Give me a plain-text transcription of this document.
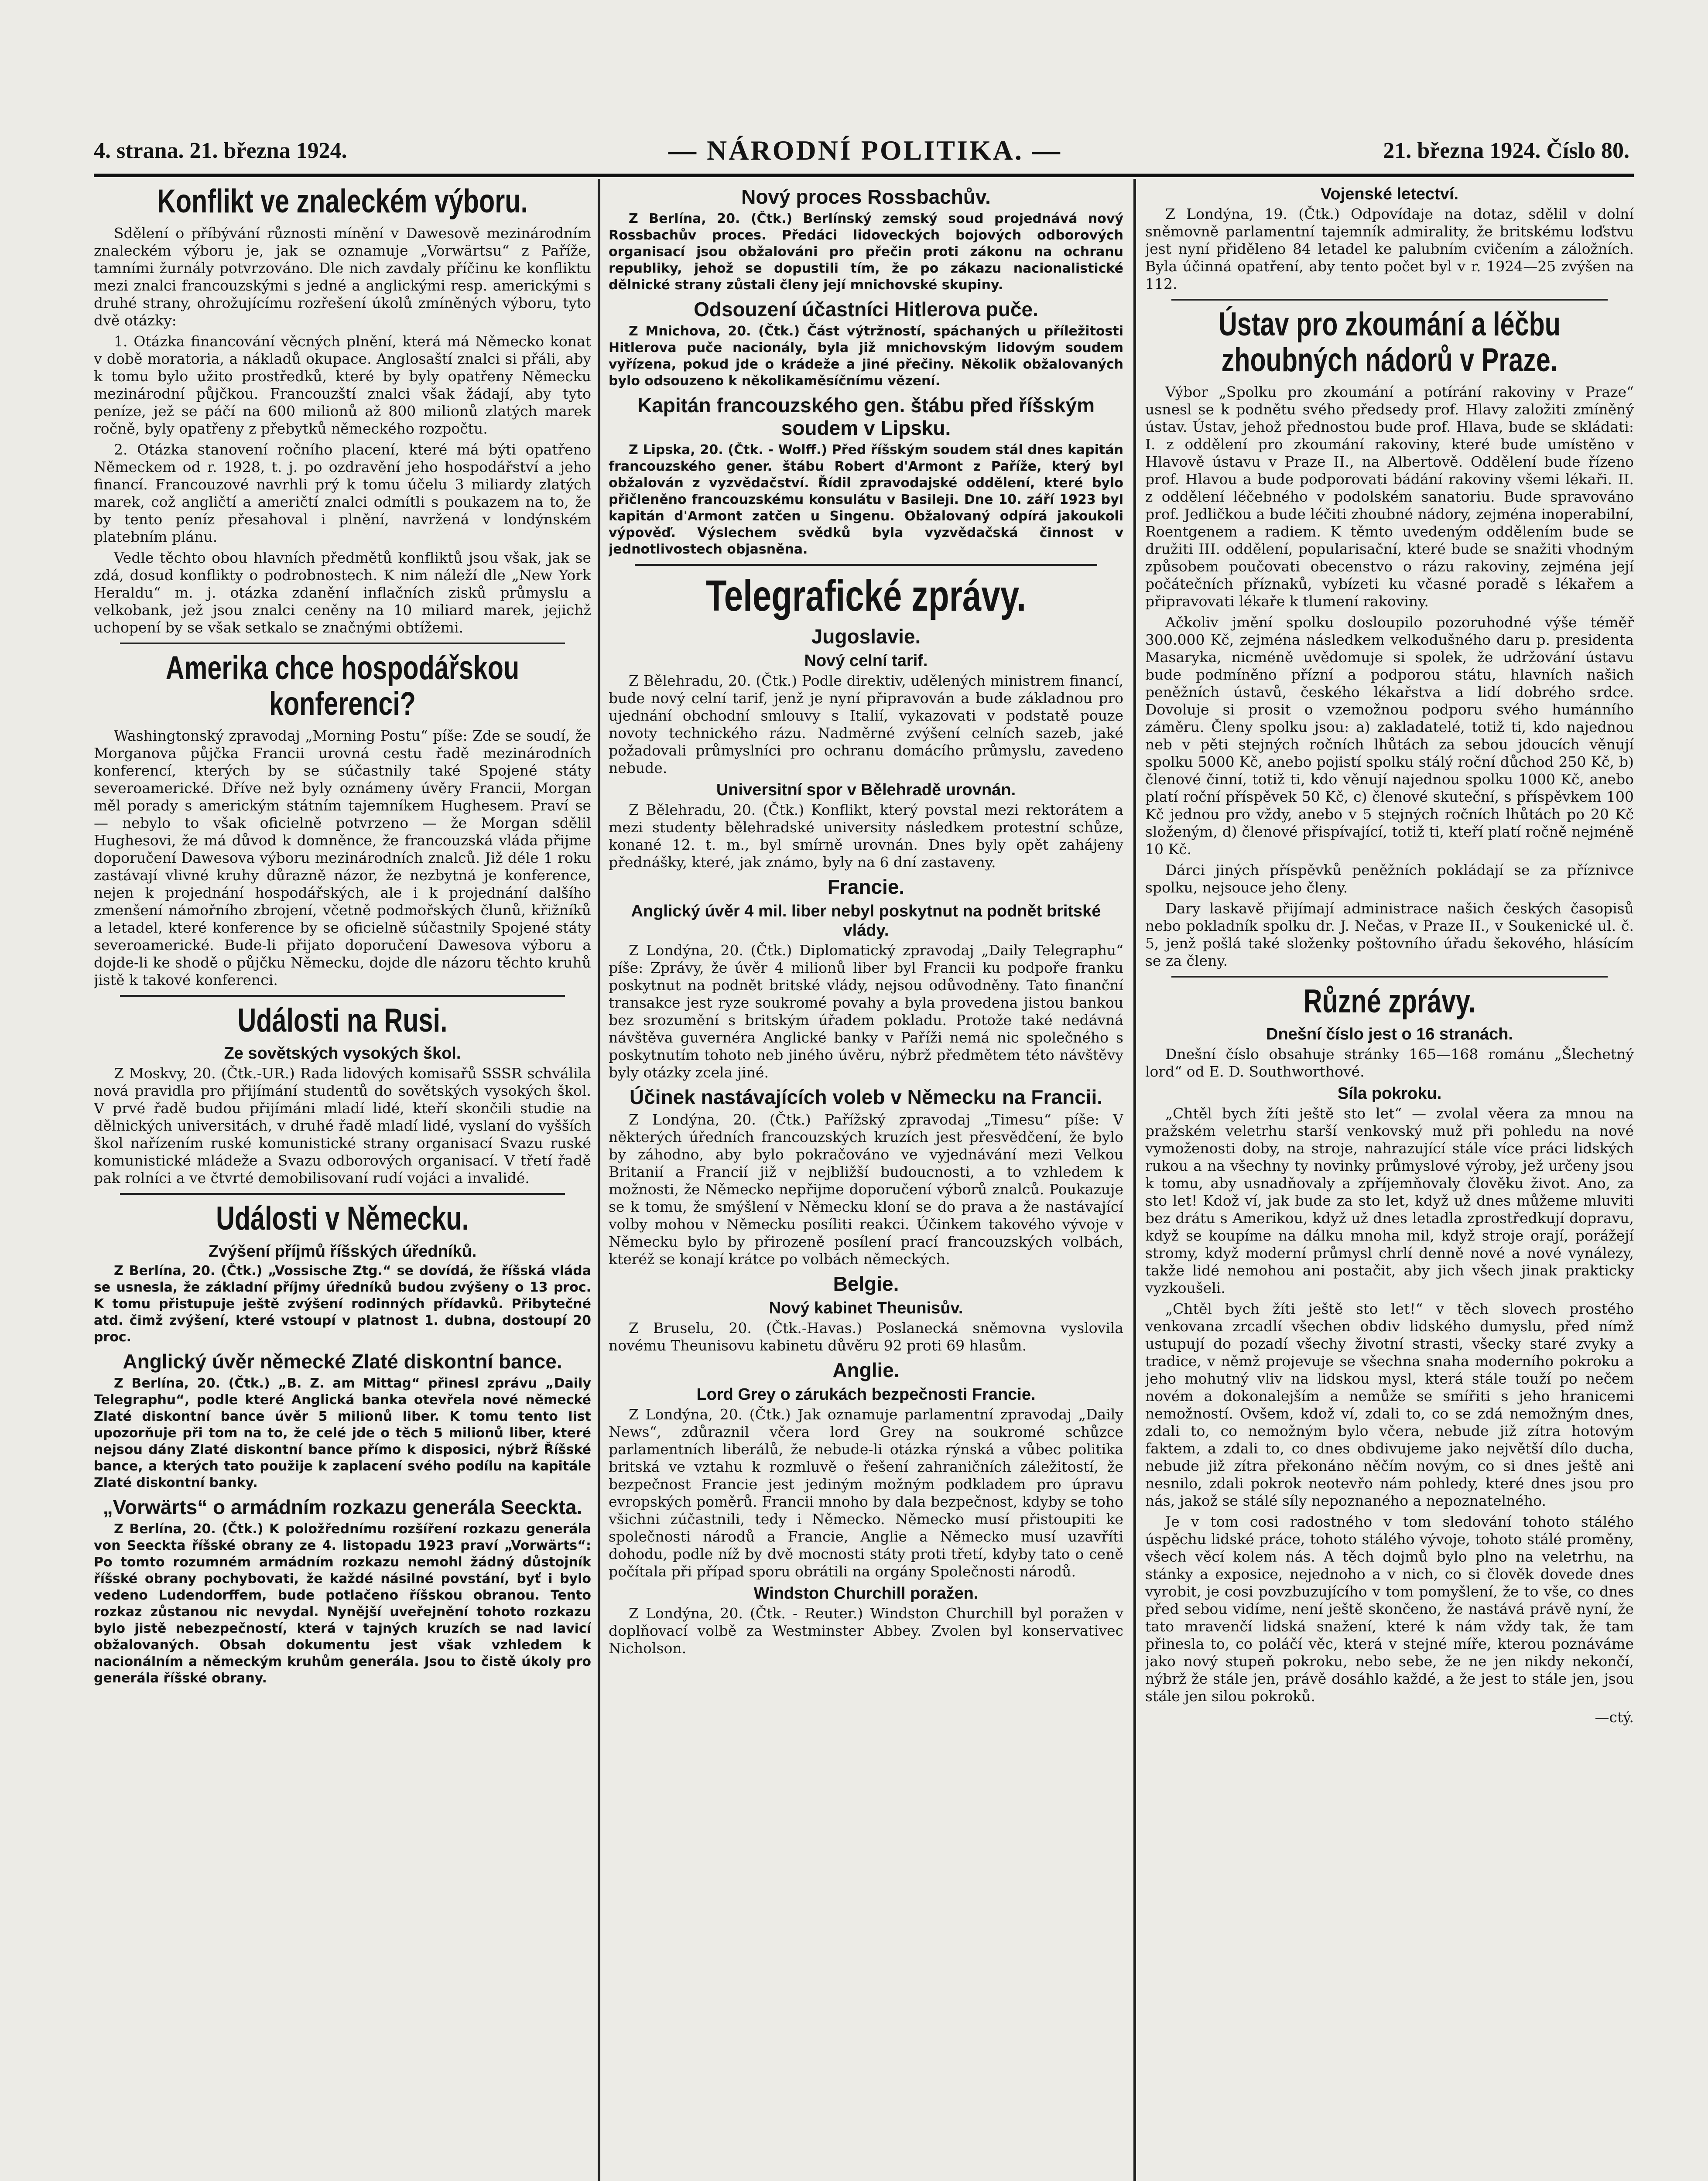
4. strana. 21. března 1924.	— NÁRODNÍ POLITIKA. —	21. března 1924. Číslo 80.
Konflikt ve znaleckém výboru.

Sdělení o příbývání různosti mínění v Dawesově mezinárodním znaleckém výboru je, jak se oznamuje „Vorwärtsu“ z Paříže, tamními žurnály potvrzováno. Dle nich zavdaly příčinu ke konfliktu mezi znalci francouzskými s jedné a anglickými resp. americkými s druhé strany, ohrožujícímu rozřešení úkolů zmíněných výboru, tyto dvě otázky:

1. Otázka financování věcných plnění, která má Německo konat v době moratoria, a nákladů okupace. Anglosaští znalci si přáli, aby k tomu bylo užito prostředků, které by byly opatřeny Německu mezinárodní půjčkou. Francouzští znalci však žádají, aby tyto peníze, jež se páčí na 600 milionů až 800 milionů zlatých marek ročně, byly opatřeny z přebytků německého rozpočtu.

2. Otázka stanovení ročního placení, které má býti opatřeno Německem od r. 1928, t. j. po ozdravění jeho hospodářství a jeho financí. Francouzové navrhli prý k tomu účelu 3 miliardy zlatých marek, což angličtí a američtí znalci odmítli s poukazem na to, že by tento peníz přesahoval i plnění, navržená v londýnském platebním plánu.

Vedle těchto obou hlavních předmětů konfliktů jsou však, jak se zdá, dosud konflikty o podrobnostech. K nim náleží dle „New York Heraldu“ m. j. otázka zdanění inflačních zisků průmyslu a velkobank, jež jsou znalci ceněny na 10 miliard marek, jejichž uchopení by se však setkalo se značnými obtížemi.

Amerika chce hospodářskou konferenci?

Washingtonský zpravodaj „Morning Postu“ píše: Zde se soudí, že Morganova půjčka Francii urovná cestu řadě mezinárodních konferencí, kterých by se súčastnily také Spojené státy severoamerické. Dříve než byly oznámeny úvěry Francii, Morgan měl porady s americkým státním tajemníkem Hughesem. Praví se — nebylo to však oficielně potvrzeno — že Morgan sdělil Hughesovi, že má důvod k domněnce, že francouzská vláda přijme doporučení Dawesova výboru mezinárodních znalců. Již déle 1 roku zastávají vlivné kruhy důrazně názor, že nezbytná je konference, nejen k projednání hospodářských, ale i k projednání dalšího zmenšení námořního zbrojení, včetně podmořských člunů, křižníků a letadel, které konference by se oficielně súčastnily Spojené státy severoamerické. Bude-li přijato doporučení Dawesova výboru a dojde-li ke shodě o půjčku Německu, dojde dle názoru těchto kruhů jistě k takové konferenci.

Události na Rusi.
Ze sovětských vysokých škol.

Z Moskvy, 20. (Čtk.-UR.) Rada lidových komisařů SSSR schválila nová pravidla pro přijímání studentů do sovětských vysokých škol. V prvé řadě budou přijímáni mladí lidé, kteří skončili studie na dělnických universitách, v druhé řadě mladí lidé, vyslaní do vyšších škol nařízením ruské komunistické strany organisací Svazu ruské komunistické mládeže a Svazu odborových organisací. V třetí řadě pak rolníci a ve čtvrté demobilisovaní rudí vojáci a invalidé.

Události v Německu.
Zvýšení příjmů říšských úředníků.

Z Berlína, 20. (Čtk.) „Vossische Ztg.“ se dovídá, že říšská vláda se usnesla, že základní příjmy úředníků budou zvýšeny o 13 proc. K tomu přistupuje ještě zvýšení rodinných přídavků. Přibytečné atd. čimž zvýšení, které vstoupí v platnost 1. dubna, dostoupí 20 proc.

Anglický úvěr německé Zlaté diskontní bance.

Z Berlína, 20. (Čtk.) „B. Z. am Mittag“ přinesl zprávu „Daily Telegraphu“, podle které Anglická banka otevřela nové německé Zlaté diskontní bance úvěr 5 milionů liber. K tomu tento list upozorňuje při tom na to, že celé jde o těch 5 milionů liber, které nejsou dány Zlaté diskontní bance přímo k disposici, nýbrž Říšské bance, a kterých tato použije k zaplacení svého podílu na kapitále Zlaté diskontní banky.

„Vorwärts“ o armádním rozkazu generála Seeckta.

Z Berlína, 20. (Čtk.) K položřednímu rozšíření rozkazu generála von Seeckta říšské obrany ze 4. listopadu 1923 praví „Vorwärts“: Po tomto rozumném armádním rozkazu nemohl žádný důstojník říšské obrany pochybovati, že každé násilné povstání, byť i bylo vedeno Ludendorffem, bude potlačeno říšskou obranou. Tento rozkaz zůstanou nic nevydal. Nynější uveřejnění tohoto rozkazu bylo jistě nebezpečností, která v tajných kruzích se nad lavicí obžalovaných. Obsah dokumentu jest však vzhledem k nacionálním a německým kruhům generála. Jsou to čistě úkoly pro generála říšské obrany.

Nový proces Rossbachův.

Z Berlína, 20. (Čtk.) Berlínský zemský soud projednává nový Rossbachův proces. Předáci lidoveckých bojových odborových organisací jsou obžalováni pro přečin proti zákonu na ochranu republiky, jehož se dopustili tím, že po zákazu nacionalistické dělnické strany zůstali členy její mnichovské skupiny.

Odsouzení účastníci Hitlerova puče.

Z Mnichova, 20. (Čtk.) Část výtržností, spáchaných u příležitosti Hitlerova puče nacionály, byla již mnichovským lidovým soudem vyřízena, pokud jde o krádeže a jiné přečiny. Několik obžalovaných bylo odsouzeno k několikaměsíčnímu vězení.

Kapitán francouzského gen. štábu před říšským soudem v Lipsku.

Z Lipska, 20. (Čtk. - Wolff.) Před říšským soudem stál dnes kapitán francouzského gener. štábu Robert d'Armont z Paříže, který byl obžalován z vyzvědačství. Řídil zpravodajské oddělení, které bylo přičleněno francouzskému konsulátu v Basileji. Dne 10. září 1923 byl kapitán d'Armont zatčen u Singenu. Obžalovaný odpírá jakoukoli výpověď. Výslechem svědků byla vyzvědačská činnost v jednotlivostech objasněna.

Telegrafické zprávy.
Jugoslavie.
Nový celní tarif.

Z Bělehradu, 20. (Čtk.) Podle direktiv, udělených ministrem financí, bude nový celní tarif, jenž je nyní připravován a bude základnou pro ujednání obchodní smlouvy s Italií, vykazovati v podstatě pouze novoty technického rázu. Nadměrné zvýšení celních sazeb, jaké požadovali průmyslníci pro ochranu domácího průmyslu, zavedeno nebude.

Universitní spor v Bělehradě urovnán.

Z Bělehradu, 20. (Čtk.) Konflikt, který povstal mezi rektorátem a mezi studenty bělehradské university následkem protestní schůze, konané 12. t. m., byl smírně urovnán. Dnes byly opět zahájeny přednášky, které, jak známo, byly na 6 dní zastaveny.

Francie.
Anglický úvěr 4 mil. liber nebyl poskytnut na podnět britské vlády.

Z Londýna, 20. (Čtk.) Diplomatický zpravodaj „Daily Telegraphu“ píše: Zprávy, že úvěr 4 milionů liber byl Francii ku podpoře franku poskytnut na podnět britské vlády, nejsou odůvodněny. Tato finanční transakce jest ryze soukromé povahy a byla provedena jistou bankou bez srozumění s britským úřadem pokladu. Protože také nedávná návštěva guvernéra Anglické banky v Paříži nemá nic společného s poskytnutím tohoto neb jiného úvěru, nýbrž předmětem této návštěvy byly otázky zcela jiné.

Účinek nastávajících voleb v Německu na Francii.

Z Londýna, 20. (Čtk.) Pařížský zpravodaj „Timesu“ píše: V některých úředních francouzských kruzích jest přesvědčení, že bylo by záhodno, aby bylo pokračováno ve vyjednávání mezi Velkou Britanií a Francií již v nejbližší budoucnosti, a to vzhledem k možnosti, že Německo nepřijme doporučení výborů znalců. Poukazuje se k tomu, že smýšlení v Německu kloní se do prava a že nastávající volby mohou v Německu posíliti reakci. Účinkem takového vývoje v Německu bylo by přirozeně posílení prací francouzských volbách, kteréž se konají krátce po volbách německých.

Belgie.
Nový kabinet Theunisův.

Z Bruselu, 20. (Čtk.-Havas.) Poslanecká sněmovna vyslovila novému Theunisovu kabinetu důvěru 92 proti 69 hlasům.

Anglie.
Lord Grey o zárukách bezpečnosti Francie.

Z Londýna, 20. (Čtk.) Jak oznamuje parlamentní zpravodaj „Daily News“, zdůraznil včera lord Grey na soukromé schůzce parlamentních liberálů, že nebude-li otázka rýnská a vůbec politika britská ve vztahu k rozmluvě o řešení zahraničních záležitostí, že bezpečnost Francie jest jediným možným podkladem pro úpravu evropských poměrů. Francii mnoho by dala bezpečnost, kdyby se toho všichni zúčastnili, tedy i Německo. Německo musí přistoupiti ke společnosti národů a Francie, Anglie a Německo musí uzavříti dohodu, podle níž by dvě mocnosti státy proti třetí, kdyby tato o ceně počítala při případ sporu obrátili na orgány Společnosti národů.

Windston Churchill poražen.

Z Londýna, 20. (Čtk. - Reuter.) Windston Churchill byl poražen v doplňovací volbě za Westminster Abbey. Zvolen byl konservativec Nicholson.

Vojenské letectví.

Z Londýna, 19. (Čtk.) Odpovídaje na dotaz, sdělil v dolní sněmovně parlamentní tajemník admirality, že britskému loďstvu jest nyní přiděleno 84 letadel ke palubním cvičením a záložních. Byla účinná opatření, aby tento počet byl v r. 1924—25 zvýšen na 112.

Ústav pro zkoumání a léčbu zhoubných nádorů v Praze.

Výbor „Spolku pro zkoumání a potírání rakoviny v Praze“ usnesl se k podnětu svého předsedy prof. Hlavy založiti zmíněný ústav. Ústav, jehož přednostou bude prof. Hlava, bude se skládati: I. z oddělení pro zkoumání rakoviny, které bude umístěno v Hlavově ústavu v Praze II., na Albertově. Oddělení bude řízeno prof. Hlavou a bude podporovati bádání rakoviny všemi lékaři. II. z oddělení léčebného v podolském sanatoriu. Bude spravováno prof. Jedličkou a bude léčiti zhoubné nádory, zejména inoperabilní, Roentgenem a radiem. K těmto uvedeným oddělením bude se družiti III. oddělení, popularisační, které bude se snažiti vhodným způsobem poučovati obecenstvo o rázu rakoviny, zejména její počátečních příznaků, vybízeti ku včasné poradě s lékařem a připravovati lékaře k tlumení rakoviny.

Ačkoliv jmění spolku dosloupilo pozoruhodné výše téměř 300.000 Kč, zejména následkem velkodušného daru p. presidenta Masaryka, nicméně uvědomuje si spolek, že udržování ústavu bude podmíněno přízní a podporou státu, hlavních našich peněžních ústavů, českého lékařstva a lidí dobrého srdce. Dovoluje si prosit o vzemožnou podporu svého humánního záměru. Členy spolku jsou: a) zakladatelé, totiž ti, kdo najednou neb v pěti stejných ročních lhůtách za sebou jdoucích věnují spolku 5000 Kč, anebo pojistí spolku stálý roční důchod 250 Kč, b) členové činní, totiž ti, kdo věnují najednou spolku 1000 Kč, anebo platí roční příspěvek 50 Kč, c) členové skuteční, s příspěvkem 100 Kč jednou pro vždy, anebo v 5 stejných ročních lhůtách po 20 Kč složeným, d) členové přispívající, totiž ti, kteří platí ročně nejméně 10 Kč.

Dárci jiných příspěvků peněžních pokládají se za příznivce spolku, nejsouce jeho členy.

Dary laskavě přijímají administrace našich českých časopisů nebo pokladník spolku dr. J. Nečas, v Praze II., v Soukenické ul. č. 5, jenž pošlá také složenky poštovního úřadu šekového, hlásícím se za členy.

Různé zprávy.
Dnešní číslo jest o 16 stranách.

Dnešní číslo obsahuje stránky 165—168 románu „Šlechetný lord“ od E. D. Southworthové.

Síla pokroku.

„Chtěl bych žíti ještě sto let“ — zvolal věera za mnou na pražském veletrhu starší venkovský muž při pohledu na nové vymoženosti doby, na stroje, nahrazující stále více práci lidských rukou a na všechny ty novinky průmyslové výroby, jež určeny jsou k tomu, aby usnadňovaly a zpříjemňovaly člověku život. Ano, za sto let! Kdož ví, jak bude za sto let, když už dnes můžeme mluviti bez drátu s Amerikou, když už dnes letadla zprostředkují dopravu, když se koupíme na dálku mnoha mil, když stroje orají, porážejí stromy, když moderní průmysl chrlí denně nové a nové vynálezy, takže lidé nemohou ani postačit, aby jich všech jinak prakticky vyzkoušeli.

„Chtěl bych žíti ještě sto let!“ v těch slovech prostého venkovana zrcadlí všechen obdiv lidského dumyslu, před nímž ustupují do pozadí všechy životní strasti, všecky staré zvyky a tradice, v němž projevuje se všechna snaha moderního pokroku a jeho mohutný vliv na lidskou mysl, která stále touží po nečem novém a dokonalejším a nemůže se smířiti s jeho hranicemi nemožností. Ovšem, kdož ví, zdali to, co se zdá nemožným dnes, zdali to, co nemožným bylo včera, nebude již zítra hotovým faktem, a zdali to, co dnes obdivujeme jako největší dílo ducha, nebude již zítra překonáno něčím novým, co si dnes ještě ani nesnilo, zdali pokrok neotevřo nám pohledy, které dnes jsou pro nás, jakož se stálé síly nepoznaného a nepoznatelného.

Je v tom cosi radostného v tom sledování tohoto stálého úspěchu lidské práce, tohoto stálého vývoje, tohoto stálé proměny, všech věcí kolem nás. A těch dojmů bylo plno na veletrhu, na stánky a exposice, nejednoho a v nich, co si člověk dovede dnes vyrobit, je cosi povzbuzujícího v tom pomyšlení, že to vše, co dnes před sebou vidíme, není ještě skončeno, že nastává právě nyní, že tato mravenčí lidská snažení, které k nám vždy tak, že tam přinesla to, co poláčí věc, která v stejné míře, kterou poznáváme jako nový stupeň pokroku, nebo sebe, že ne jen nikdy nekončí, nýbrž že stále jen, právě dosáhlo každé, a že jest to stále jen, jsou stále jen silou pokroků.

—ctý.
